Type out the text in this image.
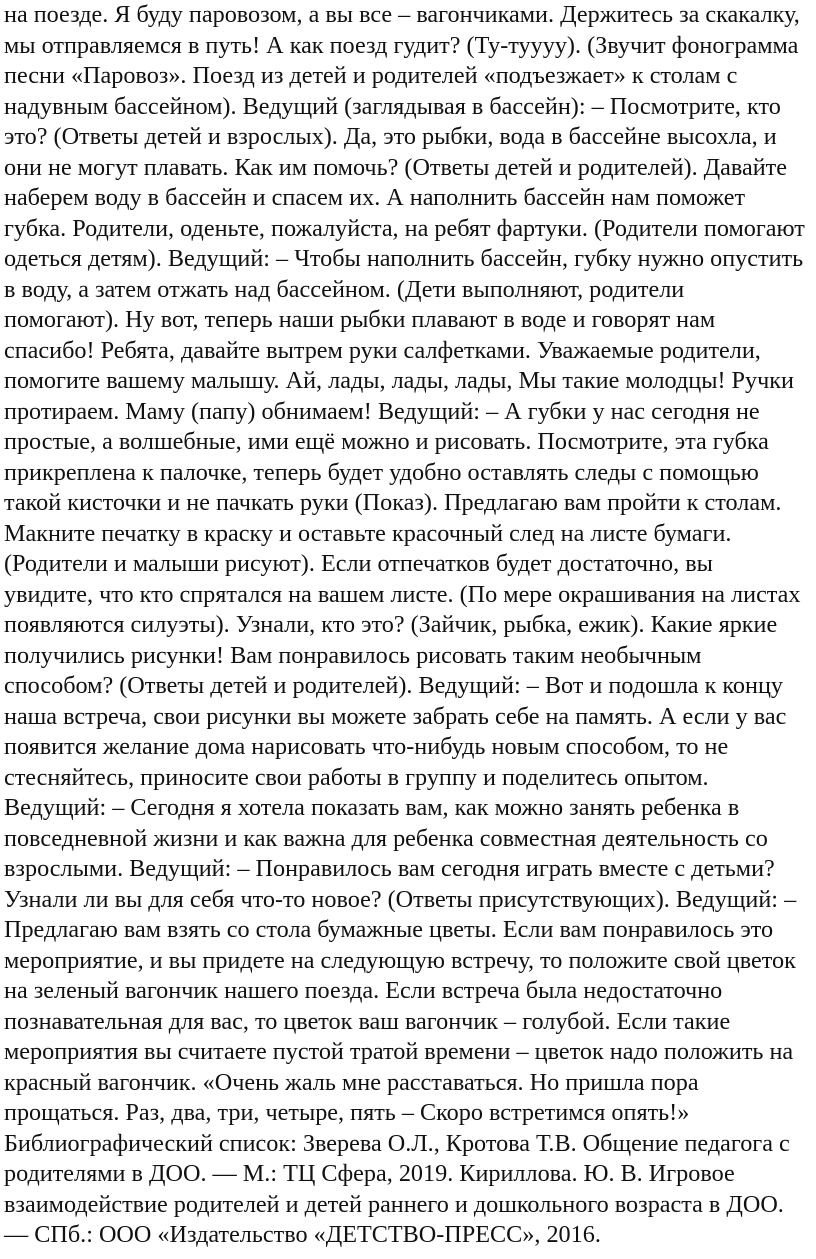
на поезде. Я буду паровозом, а вы все – вагончиками. Держитесь за скакалку,
мы отправляемся в путь! А как поезд гудит? (Ту-туууу). (Звучит фонограмма
песни «Паровоз». Поезд из детей и родителей «подъезжает» к столам с
надувным бассейном). Ведущий (заглядывая в бассейн): – Посмотрите, кто
это? (Ответы детей и взрослых). Да, это рыбки, вода в бассейне высохла, и
они не могут плавать. Как им помочь? (Ответы детей и родителей). Давайте
наберем воду в бассейн и спасем их. А наполнить бассейн нам поможет
губка. Родители, оденьте, пожалуйста, на ребят фартуки. (Родители помогают
одеться детям). Ведущий: – Чтобы наполнить бассейн, губку нужно опустить
в воду, а затем отжать над бассейном. (Дети выполняют, родители
помогают). Ну вот, теперь наши рыбки плавают в воде и говорят нам
спасибо! Ребята, давайте вытрем руки салфетками. Уважаемые родители,
помогите вашему малышу. Ай, лады, лады, лады, Мы такие молодцы! Ручки
протираем. Маму (папу) обнимаем! Ведущий: – А губки у нас сегодня не
простые, а волшебные, ими ещё можно и рисовать. Посмотрите, эта губка
прикреплена к палочке, теперь будет удобно оставлять следы с помощью
такой кисточки и не пачкать руки (Показ). Предлагаю вам пройти к столам.
Макните печатку в краску и оставьте красочный след на листе бумаги.
(Родители и малыши рисуют). Если отпечатков будет достаточно, вы
увидите, что кто спрятался на вашем листе. (По мере окрашивания на листах
появляются силуэты). Узнали, кто это? (Зайчик, рыбка, ежик). Какие яркие
получились рисунки! Вам понравилось рисовать таким необычным
способом? (Ответы детей и родителей). Ведущий: – Вот и подошла к концу
наша встреча, свои рисунки вы можете забрать себе на память. А если у вас
появится желание дома нарисовать что-нибудь новым способом, то не
стесняйтесь, приносите свои работы в группу и поделитесь опытом.
Ведущий: – Сегодня я хотела показать вам, как можно занять ребенка в
повседневной жизни и как важна для ребенка совместная деятельность со
взрослыми. Ведущий: – Понравилось вам сегодня играть вместе с детьми?
Узнали ли вы для себя что-то новое? (Ответы присутствующих). Ведущий: –
Предлагаю вам взять со стола бумажные цветы. Если вам понравилось это
мероприятие, и вы придете на следующую встречу, то положите свой цветок
на зеленый вагончик нашего поезда. Если встреча была недостаточно
познавательная для вас, то цветок ваш вагончик – голубой. Если такие
мероприятия вы считаете пустой тратой времени – цветок надо положить на
красный вагончик. «Очень жаль мне расставаться. Но пришла пора
прощаться. Раз, два, три, четыре, пять – Скоро встретимся опять!»
Библиографический список: Зверева О.Л., Кротова Т.В. Общение педагога с
родителями в ДОО. — М.: ТЦ Сфера, 2019. Кириллова. Ю. В. Игровое
взаимодействие родителей и детей раннего и дошкольного возраста в ДОО.
— СПб.: ООО «Издательство «ДЕТСТВО-ПРЕСС», 2016.
